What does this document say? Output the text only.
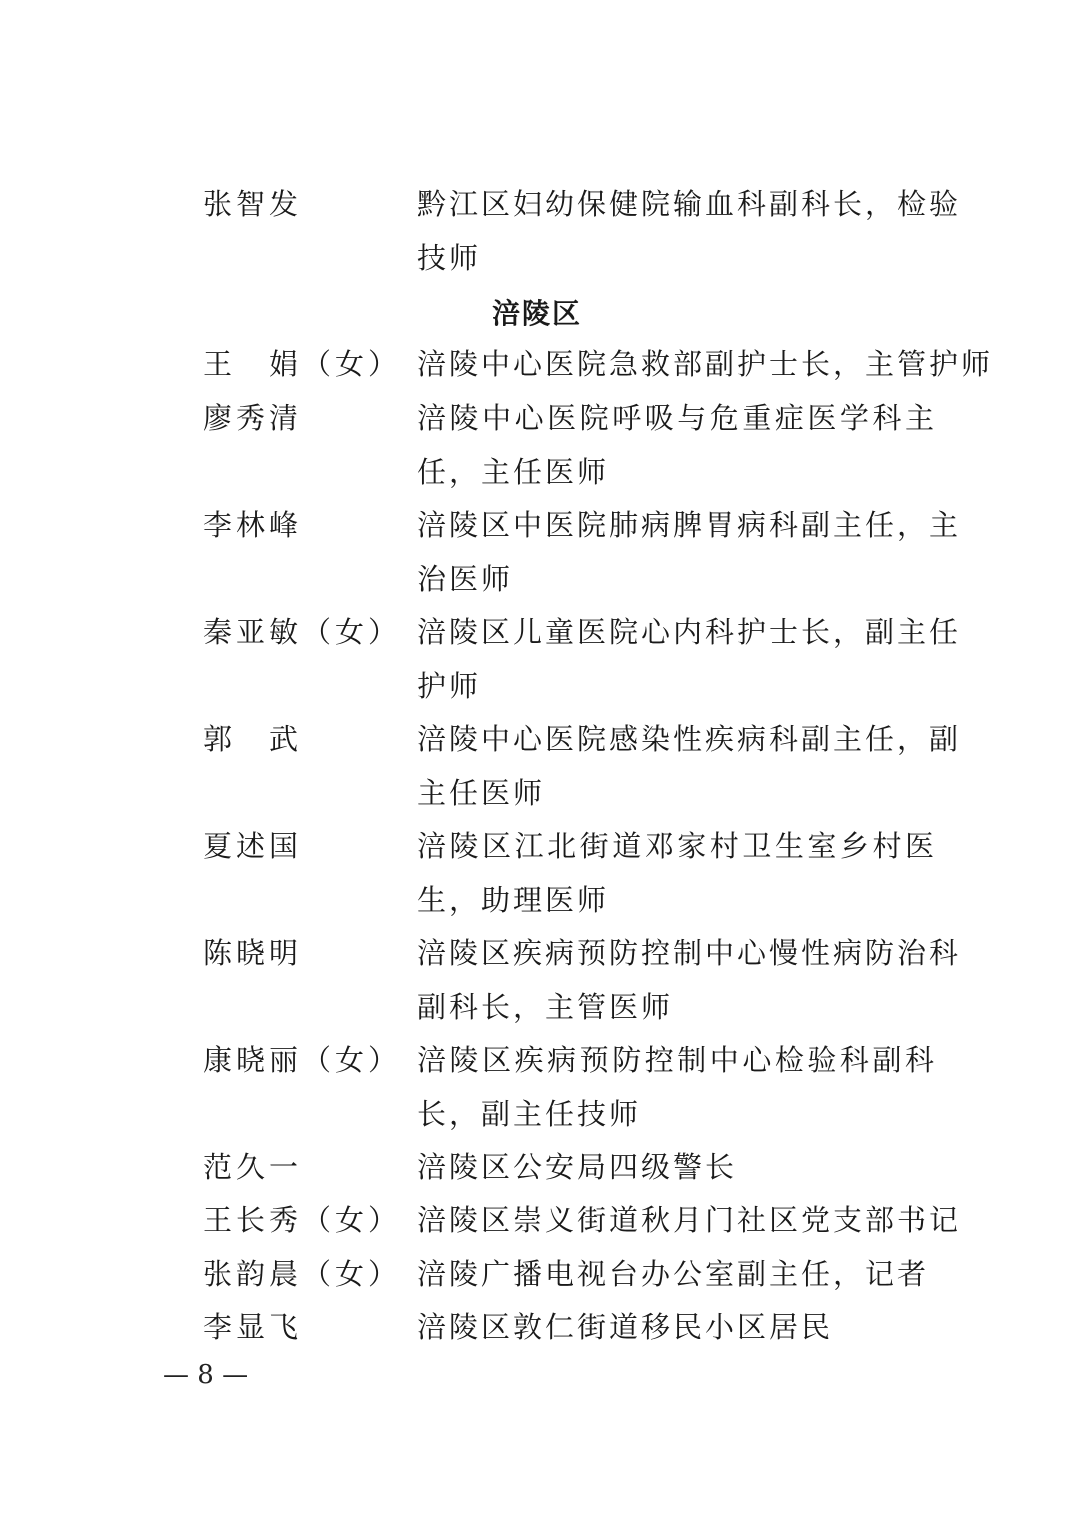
张智发	黔江区妇幼保健院输血科副科长，检验
技师
涪陵区
王　娟（女） 涪陵中心医院急救部副护士长，主管护师
廖秀清	涪陵中心医院呼吸与危重症医学科主
任，主任医师
李林峰	涪陵区中医院肺病脾胃病科副主任，主
治医师
秦亚敏（女） 涪陵区儿童医院心内科护士长，副主任
护师
郭　武	涪陵中心医院感染性疾病科副主任，副
主任医师
夏述国	涪陵区江北街道邓家村卫生室乡村医
生，助理医师
陈晓明	涪陵区疾病预防控制中心慢性病防治科
副科长，主管医师
康晓丽（女） 涪陵区疾病预防控制中心检验科副科
长，副主任技师
范久一	涪陵区公安局四级警长
王长秀（女） 涪陵区崇义街道秋月门社区党支部书记
张韵晨（女） 涪陵广播电视台办公室副主任，记者
李显飞	涪陵区敦仁街道移民小区居民
— 8 —
